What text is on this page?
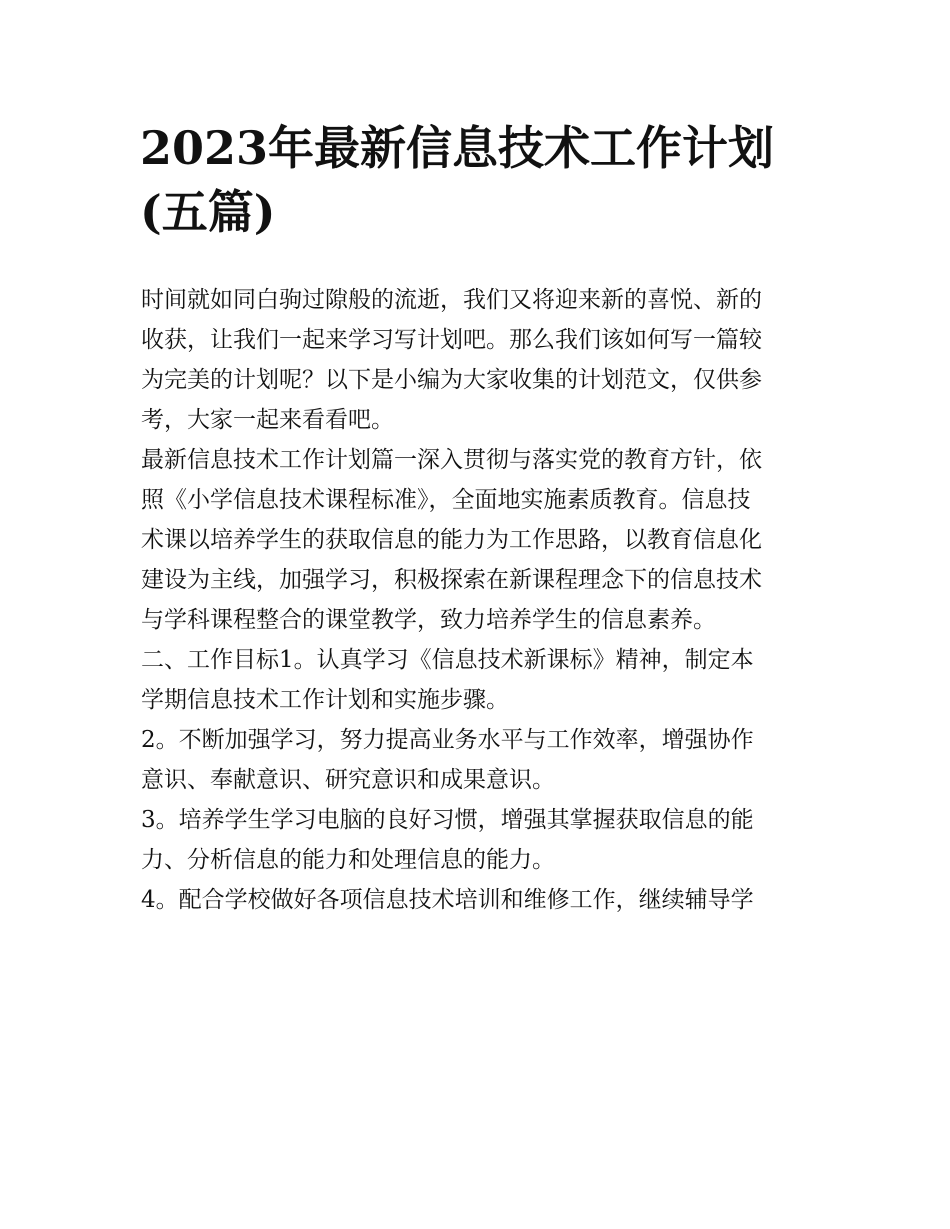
2023年最新信息技术工作计划
(五篇)
时间就如同白驹过隙般的流逝，我们又将迎来新的喜悦、新的
收获，让我们一起来学习写计划吧。那么我们该如何写一篇较
为完美的计划呢？以下是小编为大家收集的计划范文，仅供参
考，大家一起来看看吧。
最新信息技术工作计划篇一深入贯彻与落实党的教育方针，依
照《小学信息技术课程标准》，全面地实施素质教育。信息技
术课以培养学生的获取信息的能力为工作思路，以教育信息化
建设为主线，加强学习，积极探索在新课程理念下的信息技术
与学科课程整合的课堂教学，致力培养学生的信息素养。
二、工作目标1。认真学习《信息技术新课标》精神，制定本
学期信息技术工作计划和实施步骤。
2。不断加强学习，努力提高业务水平与工作效率，增强协作
意识、奉献意识、研究意识和成果意识。
3。培养学生学习电脑的良好习惯，增强其掌握获取信息的能
力、分析信息的能力和处理信息的能力。
4。配合学校做好各项信息技术培训和维修工作，继续辅导学
